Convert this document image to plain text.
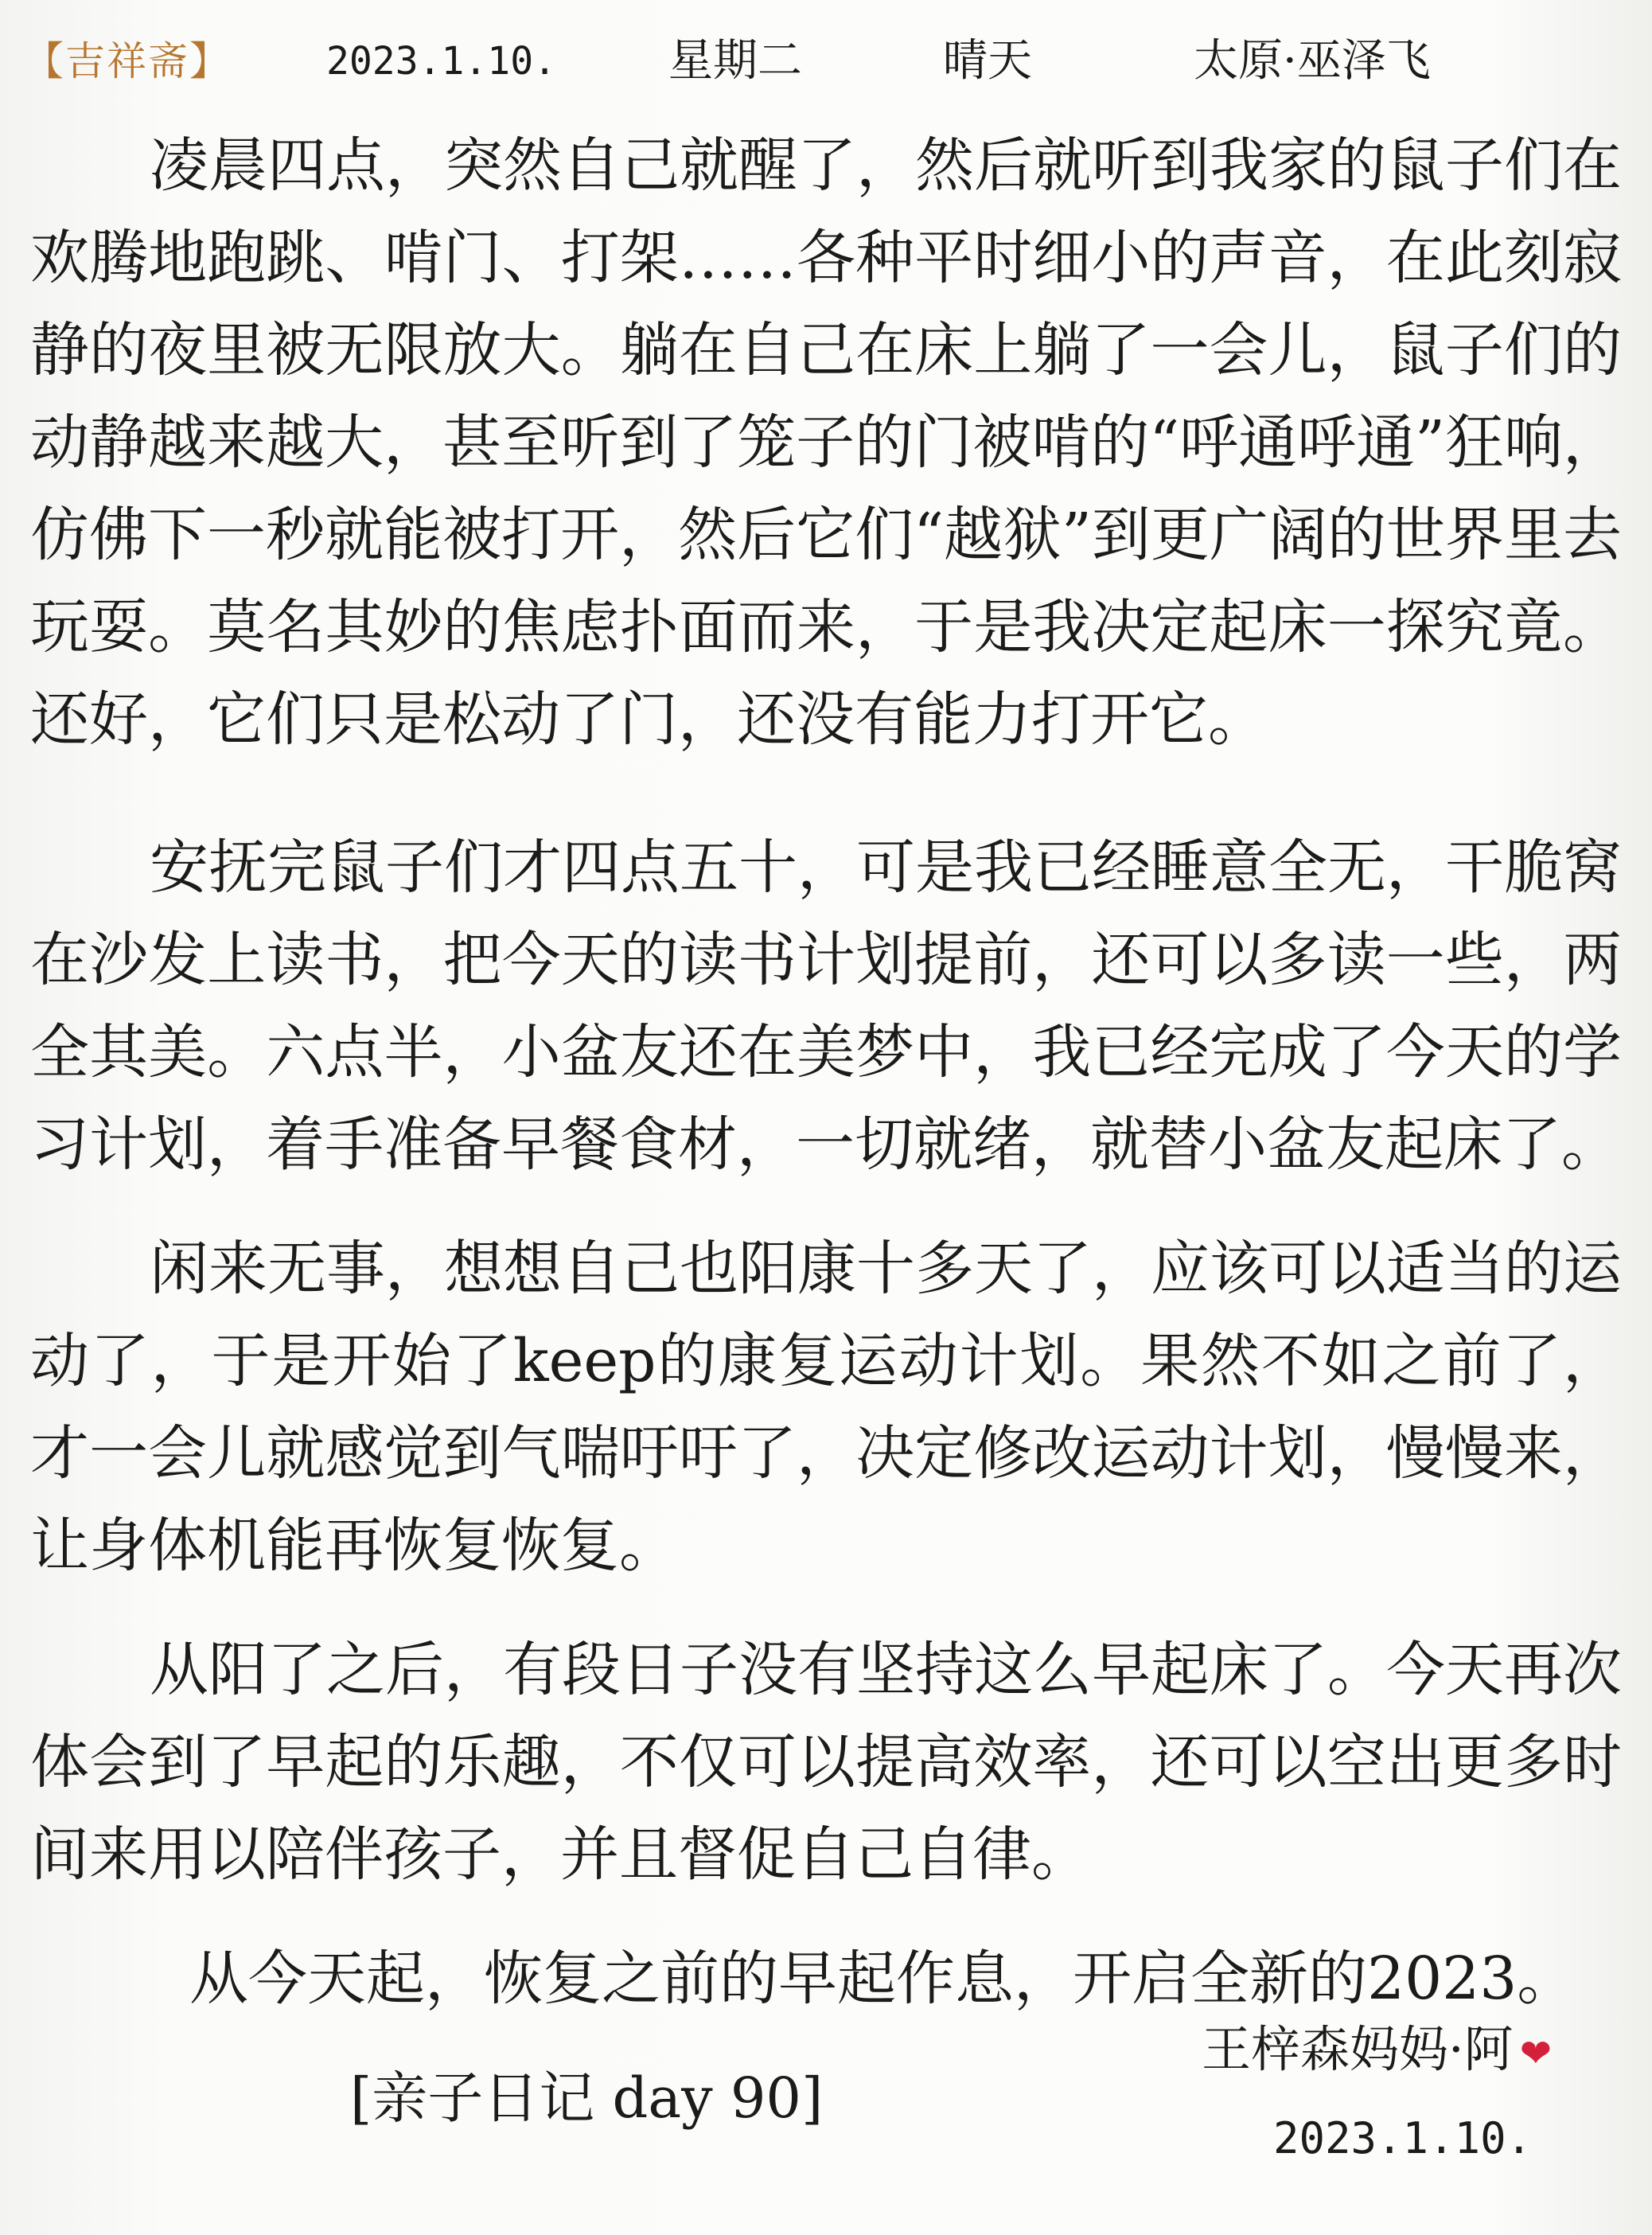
【吉祥斋】	2023.1.10.	星期二	晴天	太原·巫泽飞

凌晨四点，突然自己就醒了，然后就听到我家的鼠子们在欢腾地跑跳、啃门、打架……各种平时细小的声音，在此刻寂静的夜里被无限放大。躺在自己在床上躺了一会儿，鼠子们的动静越来越大，甚至听到了笼子的门被啃的“呼通呼通”狂响，仿佛下一秒就能被打开，然后它们“越狱”到更广阔的世界里去玩耍。莫名其妙的焦虑扑面而来，于是我决定起床一探究竟。还好，它们只是松动了门，还没有能力打开它。

安抚完鼠子们才四点五十，可是我已经睡意全无，干脆窝在沙发上读书，把今天的读书计划提前，还可以多读一些，两全其美。六点半，小盆友还在美梦中，我已经完成了今天的学习计划，着手准备早餐食材，一切就绪，就替小盆友起床了。

闲来无事，想想自己也阳康十多天了，应该可以适当的运动了，于是开始了keep的康复运动计划。果然不如之前了，才一会儿就感觉到气喘吁吁了，决定修改运动计划，慢慢来，让身体机能再恢复恢复。

从阳了之后，有段日子没有坚持这么早起床了。今天再次体会到了早起的乐趣，不仅可以提高效率，还可以空出更多时间来用以陪伴孩子，并且督促自己自律。

从今天起，恢复之前的早起作息，开启全新的2023。

[亲子日记 day 90]
王梓森妈妈·阿 ❤
2023.1.10.
